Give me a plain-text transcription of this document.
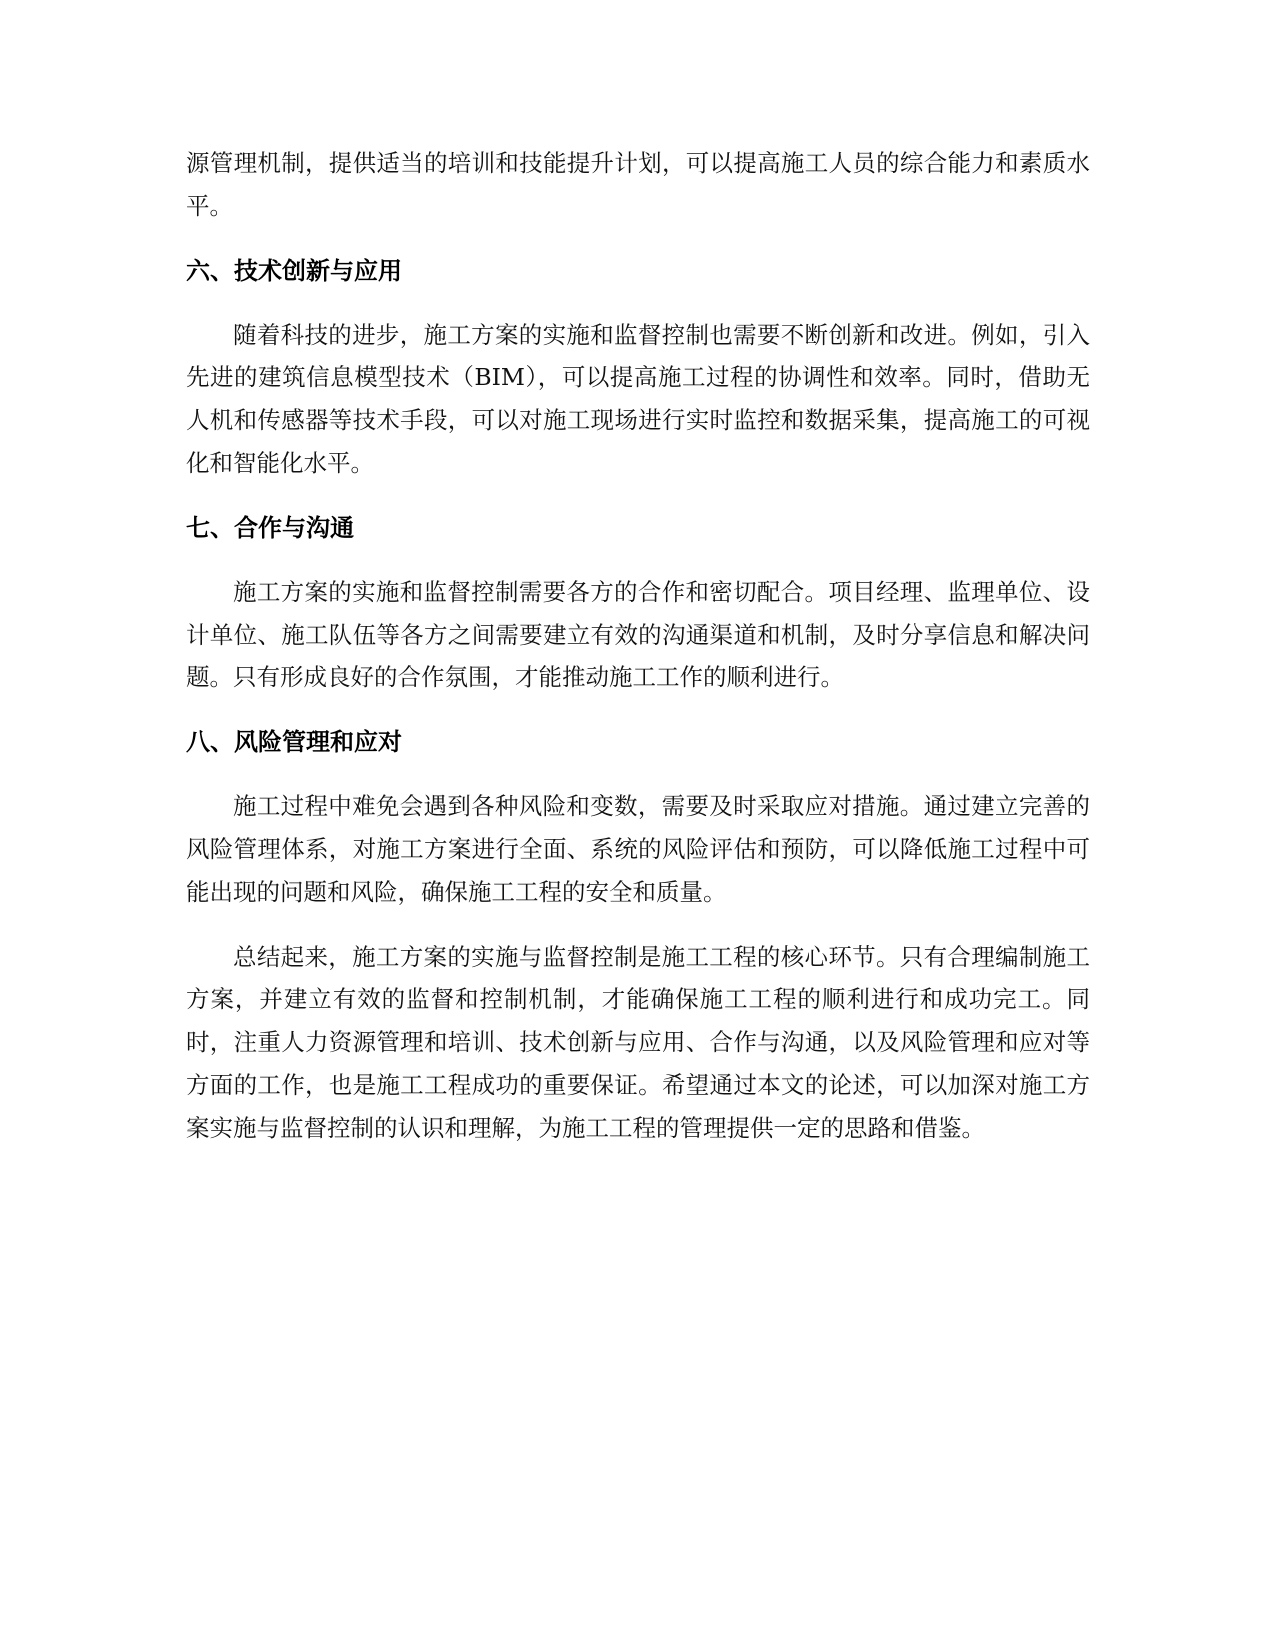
源管理机制，提供适当的培训和技能提升计划，可以提高施工人员的综合能力和素质水平。

六、技术创新与应用

随着科技的进步，施工方案的实施和监督控制也需要不断创新和改进。例如，引入先进的建筑信息模型技术（BIM），可以提高施工过程的协调性和效率。同时，借助无人机和传感器等技术手段，可以对施工现场进行实时监控和数据采集，提高施工的可视化和智能化水平。

七、合作与沟通

施工方案的实施和监督控制需要各方的合作和密切配合。项目经理、监理单位、设计单位、施工队伍等各方之间需要建立有效的沟通渠道和机制，及时分享信息和解决问题。只有形成良好的合作氛围，才能推动施工工作的顺利进行。

八、风险管理和应对

施工过程中难免会遇到各种风险和变数，需要及时采取应对措施。通过建立完善的风险管理体系，对施工方案进行全面、系统的风险评估和预防，可以降低施工过程中可能出现的问题和风险，确保施工工程的安全和质量。

总结起来，施工方案的实施与监督控制是施工工程的核心环节。只有合理编制施工方案，并建立有效的监督和控制机制，才能确保施工工程的顺利进行和成功完工。同时，注重人力资源管理和培训、技术创新与应用、合作与沟通，以及风险管理和应对等方面的工作，也是施工工程成功的重要保证。希望通过本文的论述，可以加深对施工方案实施与监督控制的认识和理解，为施工工程的管理提供一定的思路和借鉴。
